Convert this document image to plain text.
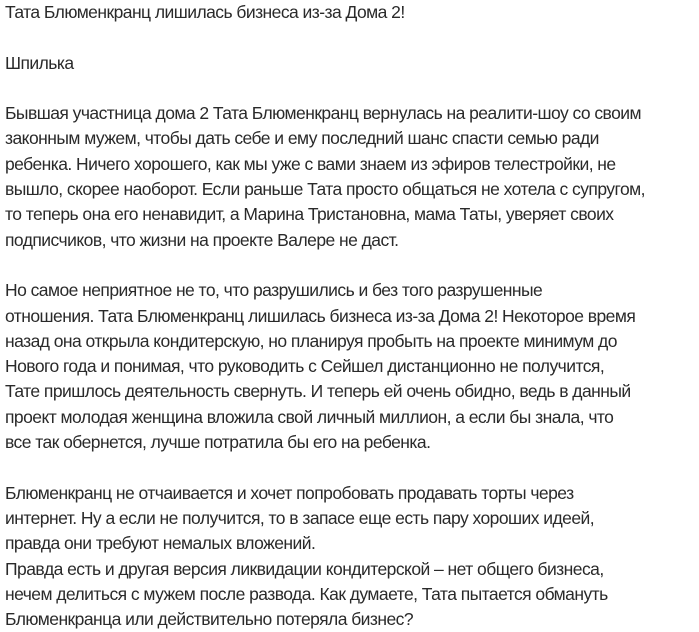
Тата Блюменкранц лишилась бизнеса из-за Дома 2!
Шпилька
Бывшая участница дома 2 Тата Блюменкранц вернулась на реалити-шоу со своим
законным мужем, чтобы дать себе и ему последний шанс спасти семью ради
ребенка. Ничего хорошего, как мы уже с вами знаем из эфиров телестройки, не
вышло, скорее наоборот. Если раньше Тата просто общаться не хотела с супругом,
то теперь она его ненавидит, а Марина Тристановна, мама Таты, уверяет своих
подписчиков, что жизни на проекте Валере не даст.
Но самое неприятное не то, что разрушились и без того разрушенные
отношения. Тата Блюменкранц лишилась бизнеса из-за Дома 2! Некоторое время
назад она открыла кондитерскую, но планируя пробыть на проекте минимум до
Нового года и понимая, что руководить с Сейшел дистанционно не получится,
Тате пришлось деятельность свернуть. И теперь ей очень обидно, ведь в данный
проект молодая женщина вложила свой личный миллион, а если бы знала, что
все так обернется, лучше потратила бы его на ребенка.
Блюменкранц не отчаивается и хочет попробовать продавать торты через
интернет. Ну а если не получится, то в запасе еще есть пару хороших идеей,
правда они требуют немалых вложений.
Правда есть и другая версия ликвидации кондитерской – нет общего бизнеса,
нечем делиться с мужем после развода. Как думаете, Тата пытается обмануть
Блюменкранца или действительно потеряла бизнес?
